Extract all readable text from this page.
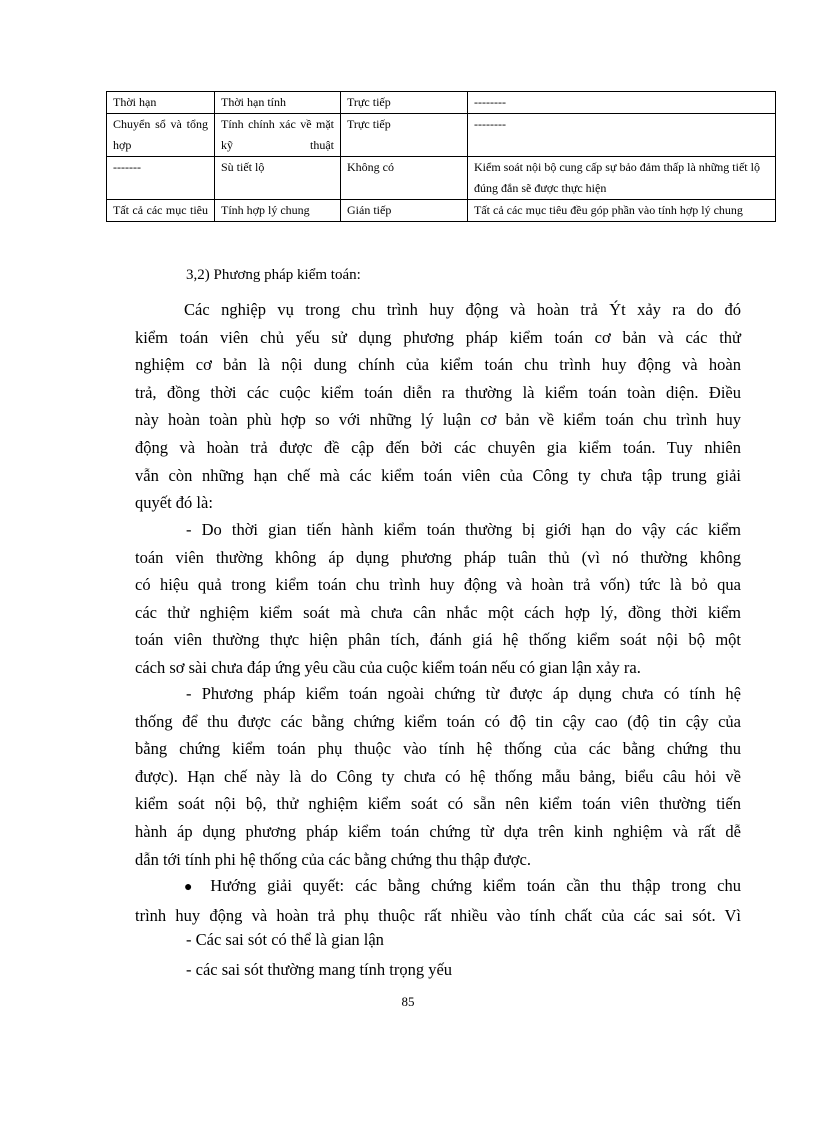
Thời hạn	Thời hạn tính	Trực tiếp	--------
Chuyển sổ và tổng hợp	Tính chính xác về mặt kỹ thuật	Trực tiếp	--------
-------	Sù tiết lộ	Không có	Kiểm soát nội bộ cung cấp sự bảo đảm thấp là những tiết lộ đúng đắn sẽ được thực hiện
Tất cả các mục tiêu	Tính hợp lý chung	Gián tiếp	Tất cả các mục tiêu đều góp phần vào tính hợp lý chung
3,2) Phương pháp kiểm toán:
Các nghiệp vụ trong chu trình huy động và hoàn trả Ýt xảy ra do đó
kiểm toán viên chủ yếu sử dụng phương pháp kiểm toán cơ bản và các thử
nghiệm cơ bản là nội dung chính của kiểm toán chu trình huy động và hoàn
trả, đồng thời các cuộc kiểm toán diễn ra thường là kiểm toán toàn diện. Điều
này hoàn toàn phù hợp so với những lý luận cơ bản về kiểm toán chu trình huy
động và hoàn trả được đề cập đến bởi các chuyên gia kiểm toán. Tuy nhiên
vẫn còn những hạn chế mà các kiểm toán viên của Công ty chưa tập trung giải
quyết đó là:
- Do thời gian tiến hành kiểm toán thường bị giới hạn do vậy các kiểm
toán viên thường không áp dụng phương pháp tuân thủ (vì nó thường không
có hiệu quả trong kiểm toán chu trình huy động và hoàn trả vốn) tức là bỏ qua
các thử nghiệm kiểm soát mà chưa cân nhắc một cách hợp lý, đồng thời kiểm
toán viên thường thực hiện phân tích, đánh giá hệ thống kiểm soát nội bộ một
cách sơ sài chưa đáp ứng yêu cầu của cuộc kiểm toán nếu có gian lận xảy ra.
- Phương pháp kiểm toán ngoài chứng từ được áp dụng chưa có tính hệ
thống để thu được các bằng chứng kiểm toán có độ tin cậy cao (độ tin cậy của
bằng chứng kiểm toán phụ thuộc vào tính hệ thống của các bằng chứng thu
được). Hạn chế này là do Công ty chưa có hệ thống mẫu bảng, biểu câu hỏi về
kiểm soát nội bộ, thử nghiệm kiểm soát có sẵn nên kiểm toán viên thường tiến
hành áp dụng phương pháp kiểm toán chứng từ dựa trên kinh nghiệm và rất dễ
dẫn tới tính phi hệ thống của các bằng chứng thu thập được.
● Hướng giải quyết: các bằng chứng kiểm toán cần thu thập trong chu
trình huy động và hoàn trả phụ thuộc rất nhiều vào tính chất của các sai sót. Vì
- Các sai sót có thể là gian lận
- các sai sót thường mang tính trọng yếu
85
